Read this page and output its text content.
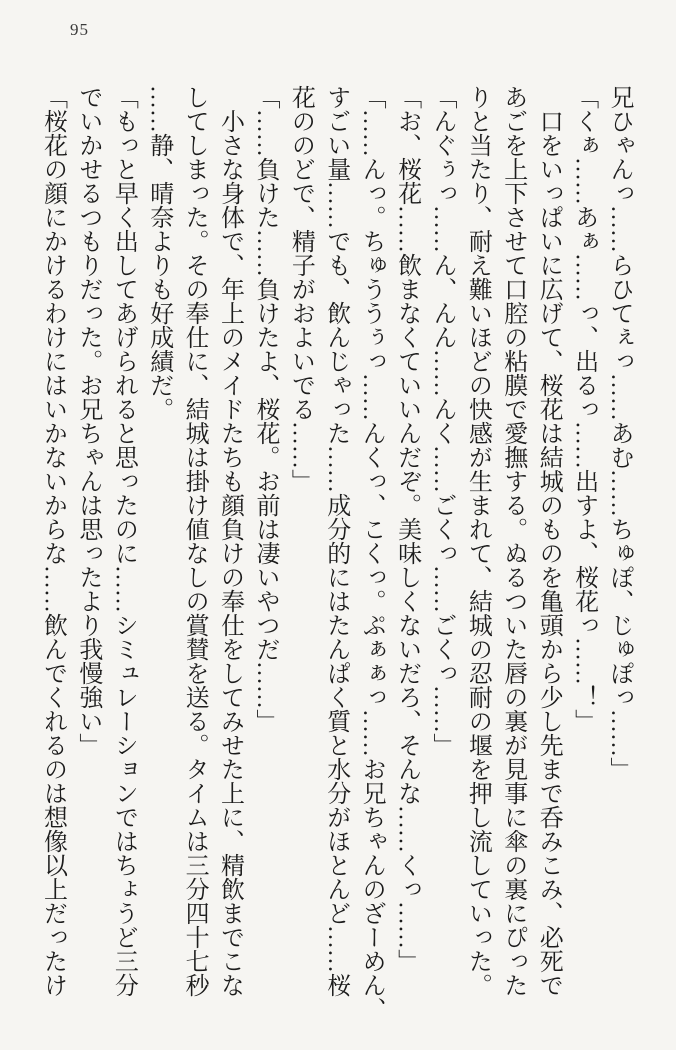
95

兄ひゃんっ……らひてぇっ……あむ……ちゅぽ、じゅぽっ……」

「くぁ……あぁ……っ、出るっ……出すよ、桜花っ……！」

口をいっぱいに広げて、桜花は結城のものを亀頭から少し先まで呑みこみ、必死で

あごを上下させて口腔の粘膜で愛撫する。ぬるついた唇の裏が見事に傘の裏にぴった

りと当たり、耐え難いほどの快感が生まれて、結城の忍耐の堰を押し流していった。

「んぐぅっ……ん、んん……んく……ごくっ……ごくっ……」

「お、桜花……飲まなくていいんだぞ。美味しくないだろ、そんな……くっ……」

「……んっ。ちゅううぅっ……んくっ、こくっ。ぷぁぁっ……お兄ちゃんのざーめん、

すごい量……でも、飲んじゃった……成分的にはたんぱく質と水分がほとんど……桜

花ののどで、精子がおよいでる……」

「……負けた……負けたよ、桜花。お前は凄いやつだ……」

小さな身体で、年上のメイドたちも顔負けの奉仕をしてみせた上に、精飲までこな

してしまった。その奉仕に、結城は掛け値なしの賞賛を送る。タイムは三分四十七秒

……静、晴奈よりも好成績だ。

「もっと早く出してあげられると思ったのに……シミュレーションではちょうど三分

でいかせるつもりだった。お兄ちゃんは思ったより我慢強い」

「桜花の顔にかけるわけにはいかないからな……飲んでくれるのは想像以上だったけ
